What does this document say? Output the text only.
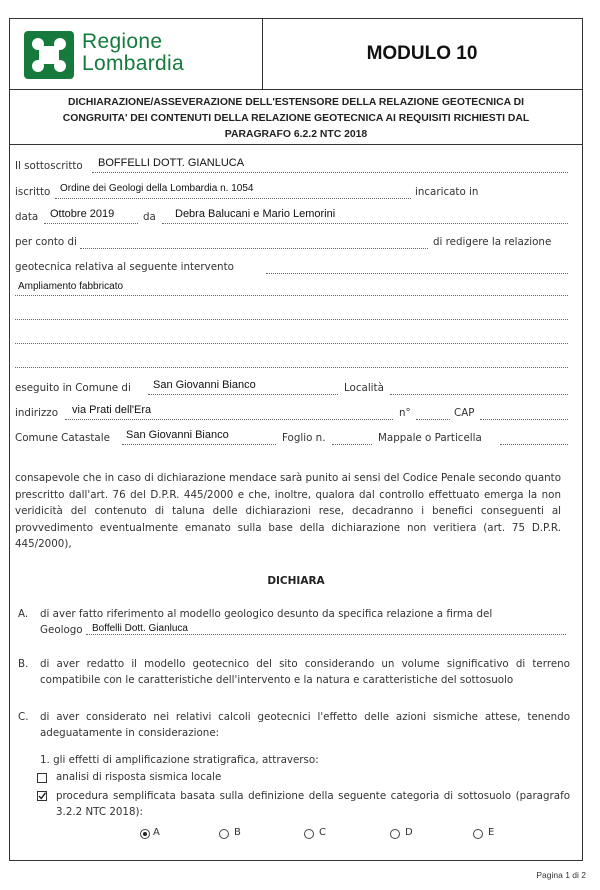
Regione
Lombardia	MODULO 10
DICHIARAZIONE/ASSEVERAZIONE DELL'ESTENSORE DELLA RELAZIONE GEOTECNICA DI
CONGRUITA' DEI CONTENUTI DELLA RELAZIONE GEOTECNICA AI REQUISITI RICHIESTI DAL
PARAGRAFO 6.2.2 NTC 2018
Il sottoscritto BOFFELLI DOTT. GIANLUCA
iscritto Ordine dei Geologi della Lombardia n. 1054	incaricato in
data Ottobre 2019	da Debra Balucani e Mario Lemorini
per conto di	di redigere la relazione
geotecnica relativa al seguente intervento
Ampliamento fabbricato
eseguito in Comune di San Giovanni Bianco	Località
indirizzo via Prati dell'Era	n°	CAP
Comune Catastale San Giovanni Bianco	Foglio n.	Mappale o Particella
consapevole che in caso di dichiarazione mendace sarà punito ai sensi del Codice Penale secondo quanto prescritto dall'art. 76 del D.P.R. 445/2000 e che, inoltre, qualora dal controllo effettuato emerga la non veridicità del contenuto di taluna delle dichiarazioni rese, decadranno i benefici conseguenti al provvedimento eventualmente emanato sulla base della dichiarazione non veritiera (art. 75 D.P.R. 445/2000),
DICHIARA
A. di aver fatto riferimento al modello geologico desunto da specifica relazione a firma del
Geologo Boffelli Dott. Gianluca
B. di aver redatto il modello geotecnico del sito considerando un volume significativo di terreno compatibile con le caratteristiche dell'intervento e la natura e caratteristiche del sottosuolo
C. di aver considerato nei relativi calcoli geotecnici l'effetto delle azioni sismiche attese, tenendo adeguatamente in considerazione:
1. gli effetti di amplificazione stratigrafica, attraverso:
analisi di risposta sismica locale
procedura semplificata basata sulla definizione della seguente categoria di sottosuolo (paragrafo 3.2.2 NTC 2018):
A	B	C	D	E
Pagina 1 di 2
